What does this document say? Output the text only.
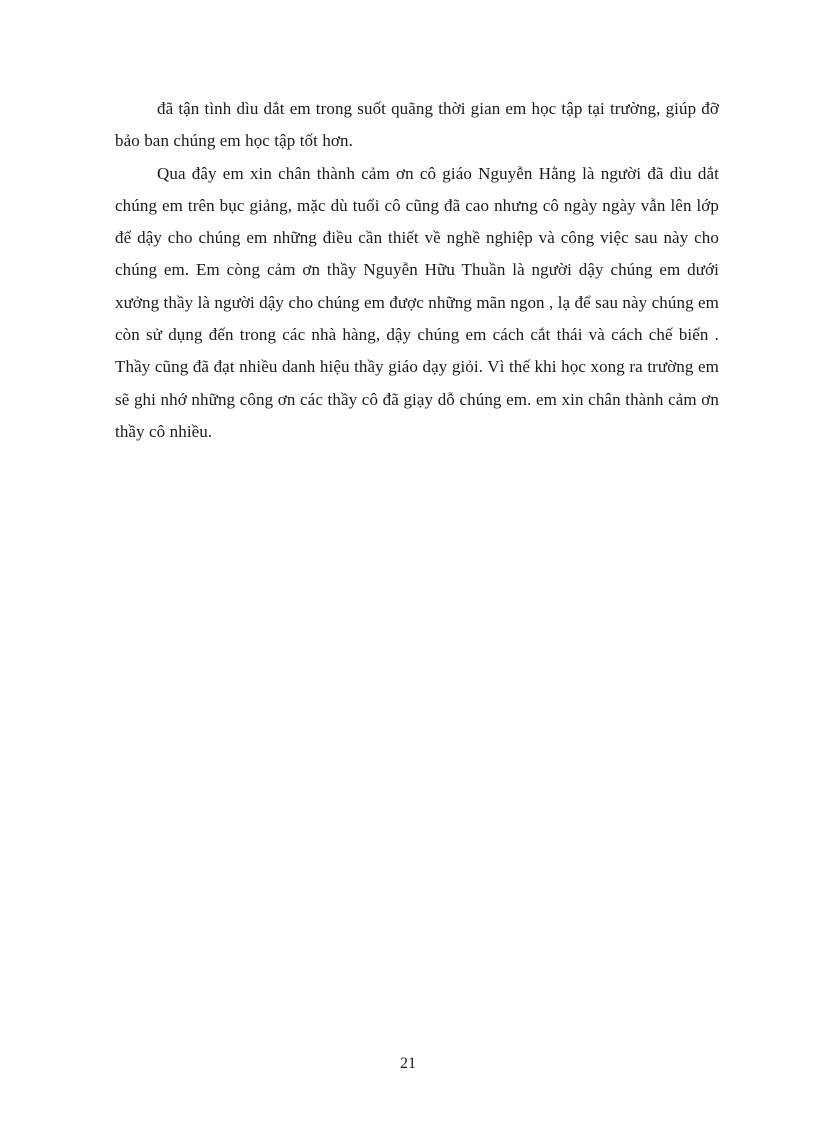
đã tận tình dìu dắt em trong suốt quãng thời gian em học tập tại trường, giúp đỡ bảo ban chúng em học tập tốt hơn.

Qua đây em xin chân thành cảm ơn cô giáo Nguyễn Hằng là người đã dìu dắt chúng em trên bục giảng, mặc dù tuổi cô cũng đã cao nhưng cô ngày ngày vẫn lên lớp để dậy cho chúng em những điều cần thiết về nghề nghiệp và công việc sau này cho chúng em. Em còng cảm ơn thầy Nguyễn Hữu Thuần là người dậy chúng em dưới xưởng thầy là người dậy cho chúng em được những mãn ngon , lạ để sau này chúng em còn sử dụng đến trong các nhà hàng, dậy chúng em cách cắt thái và cách chế biến . Thầy cũng đã đạt nhiều danh hiệu thầy giáo dạy giỏi. Vì thế khi học xong ra trường em sẽ ghi nhớ những công ơn các thầy cô đã giạy dỗ chúng em. em xin chân thành cảm ơn thầy cô nhiều.

21
